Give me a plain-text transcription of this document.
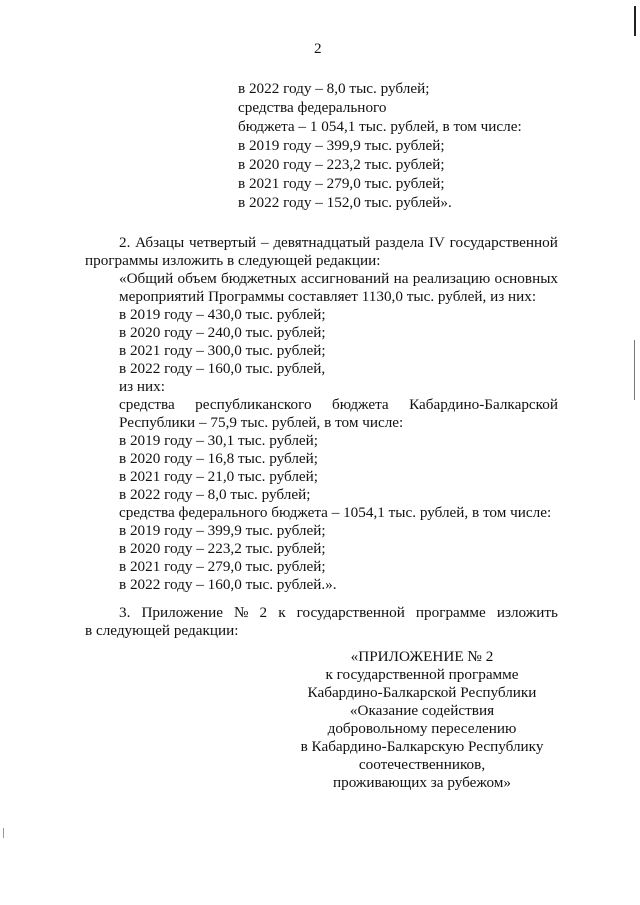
2
в 2022 году – 8,0 тыс. рублей;
средства федерального
бюджета – 1 054,1 тыс. рублей, в том числе:
в 2019 году – 399,9 тыс. рублей;
в 2020 году – 223,2 тыс. рублей;
в 2021 году – 279,0 тыс. рублей;
в 2022 году – 152,0 тыс. рублей».
2. Абзацы четвертый – девятнадцатый раздела IV государственной
программы изложить в следующей редакции:
«Общий объем бюджетных ассигнований на реализацию основных
мероприятий Программы составляет 1130,0 тыс. рублей, из них:
в 2019 году – 430,0 тыс. рублей;
в 2020 году – 240,0 тыс. рублей;
в 2021 году – 300,0 тыс. рублей;
в 2022 году – 160,0 тыс. рублей,
из них:
средства республиканского бюджета Кабардино-Балкарской
Республики – 75,9 тыс. рублей, в том числе:
в 2019 году – 30,1 тыс. рублей;
в 2020 году – 16,8 тыс. рублей;
в 2021 году – 21,0 тыс. рублей;
в 2022 году – 8,0 тыс. рублей;
средства федерального бюджета – 1054,1 тыс. рублей, в том числе:
в 2019 году – 399,9 тыс. рублей;
в 2020 году – 223,2 тыс. рублей;
в 2021 году – 279,0 тыс. рублей;
в 2022 году – 160,0 тыс. рублей.».
3. Приложение № 2 к государственной программе изложить
в следующей редакции:
«ПРИЛОЖЕНИЕ № 2
к государственной программе
Кабардино-Балкарской Республики
«Оказание содействия
добровольному переселению
в Кабардино-Балкарскую Республику
соотечественников,
проживающих за рубежом»
